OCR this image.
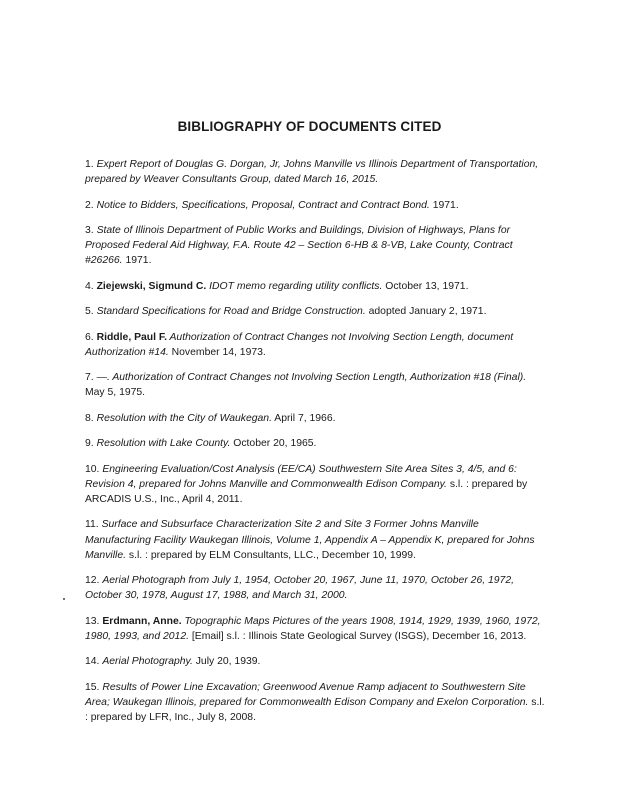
BIBLIOGRAPHY OF DOCUMENTS CITED
1. Expert Report of Douglas G. Dorgan, Jr, Johns Manville vs Illinois Department of Transportation, prepared by Weaver Consultants Group, dated March 16, 2015.
2. Notice to Bidders, Specifications, Proposal, Contract and Contract Bond. 1971.
3. State of Illinois Department of Public Works and Buildings, Division of Highways, Plans for Proposed Federal Aid Highway, F.A. Route 42 – Section 6-HB & 8-VB, Lake County, Contract #26266. 1971.
4. Ziejewski, Sigmund C. IDOT memo regarding utility conflicts. October 13, 1971.
5. Standard Specifications for Road and Bridge Construction. adopted January 2, 1971.
6. Riddle, Paul F. Authorization of Contract Changes not Involving Section Length, document Authorization #14. November 14, 1973.
7. —. Authorization of Contract Changes not Involving Section Length, Authorization #18 (Final). May 5, 1975.
8. Resolution with the City of Waukegan. April 7, 1966.
9. Resolution with Lake County. October 20, 1965.
10. Engineering Evaluation/Cost Analysis (EE/CA) Southwestern Site Area Sites 3, 4/5, and 6: Revision 4, prepared for Johns Manville and Commonwealth Edison Company. s.l. : prepared by ARCADIS U.S., Inc., April 4, 2011.
11. Surface and Subsurface Characterization Site 2 and Site 3 Former Johns Manville Manufacturing Facility Waukegan Illinois, Volume 1, Appendix A – Appendix K, prepared for Johns Manville. s.l. : prepared by ELM Consultants, LLC., December 10, 1999.
12. Aerial Photograph from July 1, 1954, October 20, 1967, June 11, 1970, October 26, 1972, October 30, 1978, August 17, 1988, and March 31, 2000.
13. Erdmann, Anne. Topographic Maps Pictures of the years 1908, 1914, 1929, 1939, 1960, 1972, 1980, 1993, and 2012. [Email] s.l. : Illinois State Geological Survey (ISGS), December 16, 2013.
14. Aerial Photography. July 20, 1939.
15. Results of Power Line Excavation; Greenwood Avenue Ramp adjacent to Southwestern Site Area; Waukegan Illinois, prepared for Commonwealth Edison Company and Exelon Corporation. s.l. : prepared by LFR, Inc., July 8, 2008.
